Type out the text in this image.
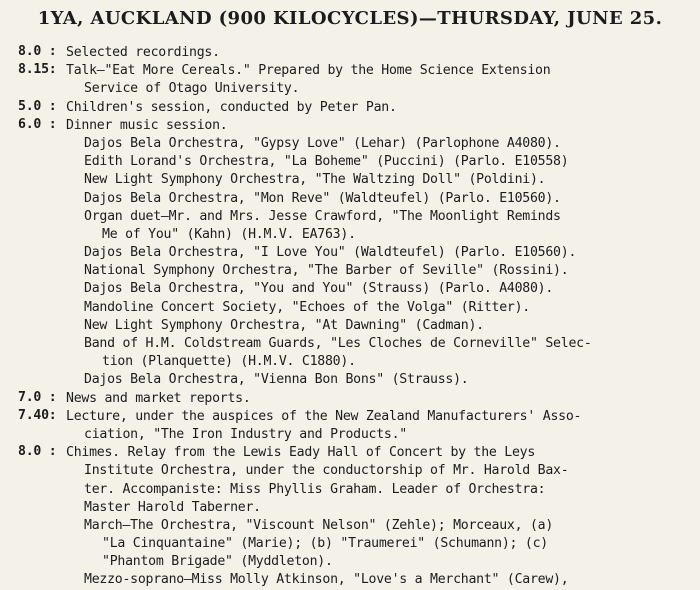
1YA, AUCKLAND (900 KILOCYCLES)—THURSDAY, JUNE 25.
8.0 : Selected recordings.
8.15: Talk—"Eat More Cereals." Prepared by the Home Science Extension
Service of Otago University.
5.0 : Children's session, conducted by Peter Pan.
6.0 : Dinner music session.
Dajos Bela Orchestra, "Gypsy Love" (Lehar) (Parlophone A4080).
Edith Lorand's Orchestra, "La Boheme" (Puccini) (Parlo. E10558)
New Light Symphony Orchestra, "The Waltzing Doll" (Poldini).
Dajos Bela Orchestra, "Mon Reve" (Waldteufel) (Parlo. E10560).
Organ duet—Mr. and Mrs. Jesse Crawford, "The Moonlight Reminds
Me of You" (Kahn) (H.M.V. EA763).
Dajos Bela Orchestra, "I Love You" (Waldteufel) (Parlo. E10560).
National Symphony Orchestra, "The Barber of Seville" (Rossini).
Dajos Bela Orchestra, "You and You" (Strauss) (Parlo. A4080).
Mandoline Concert Society, "Echoes of the Volga" (Ritter).
New Light Symphony Orchestra, "At Dawning" (Cadman).
Band of H.M. Coldstream Guards, "Les Cloches de Corneville" Selec-
tion (Planquette) (H.M.V. C1880).
Dajos Bela Orchestra, "Vienna Bon Bons" (Strauss).
7.0 : News and market reports.
7.40: Lecture, under the auspices of the New Zealand Manufacturers' Asso-
ciation, "The Iron Industry and Products."
8.0 : Chimes. Relay from the Lewis Eady Hall of Concert by the Leys
Institute Orchestra, under the conductorship of Mr. Harold Bax-
ter. Accompaniste: Miss Phyllis Graham. Leader of Orchestra:
Master Harold Taberner.
March—The Orchestra, "Viscount Nelson" (Zehle); Morceaux, (a)
"La Cinquantaine" (Marie); (b) "Traumerei" (Schumann); (c)
"Phantom Brigade" (Myddleton).
Mezzo-soprano—Miss Molly Atkinson, "Love's a Merchant" (Carew),
